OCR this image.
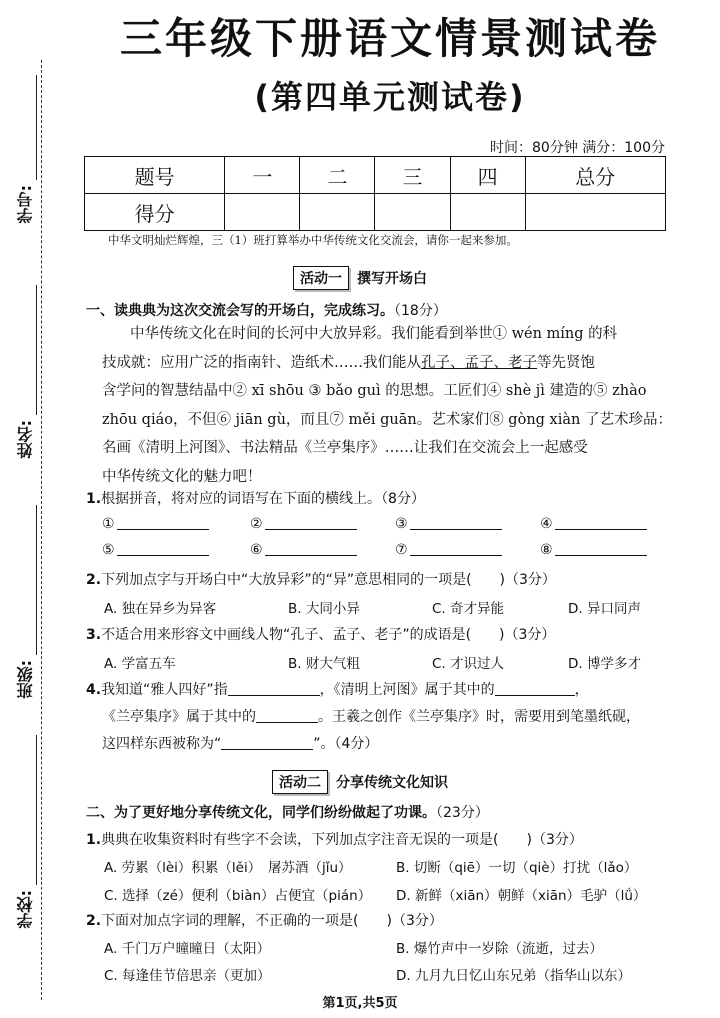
学号:
姓名:
班级:
学校:
三年级下册语文情景测试卷
(第四单元测试卷)
时间：80分钟 满分：100分
题号	一	二	三	四	总分
得分					
中华文明灿烂辉煌，三（1）班打算举办中华传统文化交流会，请你一起来参加。
活动一 撰写开场白
一、读典典为这次交流会写的开场白，完成练习。（18分）
中华传统文化在时间的长河中大放异彩。我们能看到举世① wén míng 的科
技成就：应用广泛的指南针、造纸术……我们能从孔子、孟子、老子等先贤饱
含学问的智慧结晶中② xī shōu ③ bǎo guì 的思想。工匠们④ shè jì 建造的⑤ zhào
zhōu qiáo，不但⑥ jiān gù，而且⑦ měi guān。艺术家们⑧ gòng xiàn 了艺术珍品：
名画《清明上河图》、书法精品《兰亭集序》……让我们在交流会上一起感受
中华传统文化的魅力吧！
1.根据拼音，将对应的词语写在下面的横线上。（8分）
①	②	③	④
⑤	⑥	⑦	⑧
2.下列加点字与开场白中“大放异彩”的“异”意思相同的一项是(　　)（3分）
A. 独在异乡为异客	B. 大同小异	C. 奇才异能	D. 异口同声
3.不适合用来形容文中画线人物“孔子、孟子、老子”的成语是(　　)（3分）
A. 学富五车	B. 财大气粗	C. 才识过人	D. 博学多才
4.我知道“雅人四好”指	，《清明上河图》属于其中的	，
《兰亭集序》属于其中的	。王羲之创作《兰亭集序》时，需要用到笔墨纸砚，
这四样东西被称为“	”。（4分）
活动二 分享传统文化知识
二、为了更好地分享传统文化，同学们纷纷做起了功课。（23分）
1.典典在收集资料时有些字不会读，下列加点字注音无误的一项是(　　)（3分）
A. 劳累（lèi）积累（lěi）　屠苏酒（jǐu）	B. 切断（qiē）一切（qiè）打扰（lǎo）
C. 选择（zé）便利（biàn）占便宜（pián） D. 新鲜（xiān）朝鲜（xiān）毛驴（lǘ）
2.下面对加点字词的理解，不正确的一项是(　　)（3分）
A. 千门万户曈曈日（太阳）	B. 爆竹声中一岁除（流逝，过去）
C. 每逢佳节倍思亲（更加）	D. 九月九日忆山东兄弟（指华山以东）
第1页,共5页
